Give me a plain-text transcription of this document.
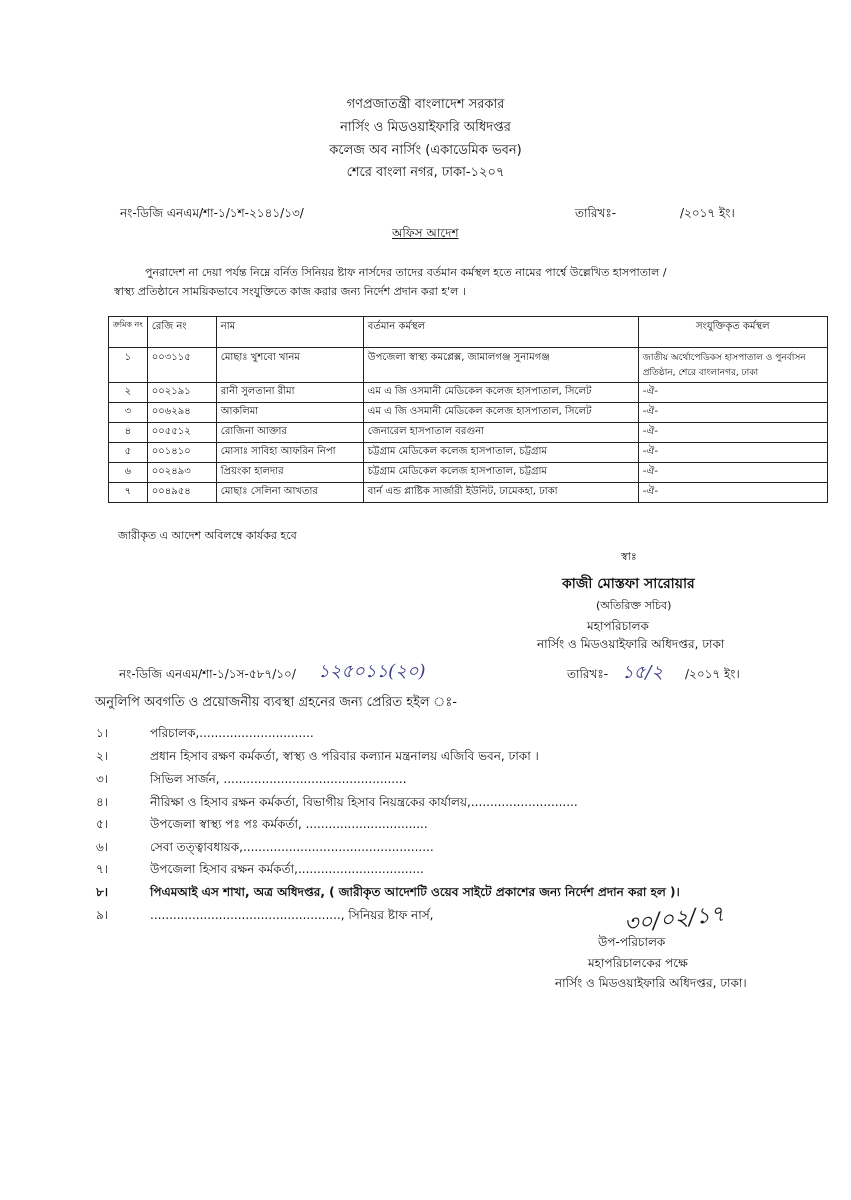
গণপ্রজাতন্ত্রী বাংলাদেশ সরকার
নার্সিং ও মিডওয়াইফারি অধিদপ্তর
কলেজ অব নার্সিং (একাডেমিক ভবন)
শেরে বাংলা নগর, ঢাকা-১২০৭
নং-ডিজি এনএম/শা-১/১শ-২১৪১/১৩/	তারিখঃ-	/২০১৭ ইং।
অফিস আদেশ
পুনরাদেশ না দেয়া পর্যন্ত নিম্নে বর্নিত সিনিয়র ষ্টাফ নার্সদের তাদের বর্তমান কর্মস্থল হতে নামের পার্শ্বে উল্লেখিত হাসপাতাল /
স্বাস্থ্য প্রতিষ্ঠানে সাময়িকভাবে সংযুক্তিতে কাজ করার জন্য নির্দেশ প্রদান করা হ'ল ।
ক্রমিক নং	রেজি নং	নাম	বর্তমান কর্মস্থল	সংযুক্তিকৃত কর্মস্থল
১	০০৩১১৫	মোছাঃ খুশবো খানম	উপজেলা স্বাস্থ্য কমপ্লেক্স, জামালগঞ্জ সুনামগঞ্জ	জাতীয় অর্থোপেডিকস হাসপাতাল ও পুনর্বাসন প্রতিষ্ঠান, শেরে বাংলানগর, ঢাকা
২	০০২১৯১	রানী সুলতানা রীমা	এম এ জি ওসমানী মেডিকেল কলেজ হাসপাতাল, সিলেট	-ঐ-
৩	০০৬২৯৪	আকলিমা	এম এ জি ওসমানী মেডিকেল কলেজ হাসপাতাল, সিলেট	-ঐ-
৪	০০৫৫১২	রোজিনা আক্তার	জেনারেল হাসপাতাল বরগুনা	-ঐ-
৫	০০১৪১০	মোসাঃ সাবিহা আফরিন নিপা	চট্টগ্রাম মেডিকেল কলেজ হাসপাতাল, চট্টগ্রাম	-ঐ-
৬	০০২৪৯৩	প্রিয়ংকা হালদার	চট্টগ্রাম মেডিকেল কলেজ হাসপাতাল, চট্টগ্রাম	-ঐ-
৭	০০৪৯৫৪	মোছাঃ সেলিনা আখতার	বার্ন এন্ড প্লাষ্টিক সার্জারী ইউনিট, ঢামেকহা, ঢাকা	-ঐ-
জারীকৃত এ আদেশ অবিলম্বে কার্যকর হবে
স্বাঃ
কাজী মোস্তফা সারোয়ার
(অতিরিক্ত সচিব)
মহাপরিচালক
নার্সিং ও মিডওয়াইফারি অধিদপ্তর, ঢাকা
নং-ডিজি এনএম/শা-১/১স-৫৮৭/১০/ ১২৫০১১(২০)	তারিখঃ- ১৫/২ /২০১৭ ইং।
অনুলিপি অবগতি ও প্রয়োজনীয় ব্যবস্থা গ্রহনের জন্য প্রেরিত হইল ঃ-
১।	পরিচালক,..............................
২।	প্রধান হিসাব রক্ষণ কর্মকর্তা, স্বাস্থ্য ও পরিবার কল্যান মন্ত্রনালয় এজিবি ভবন, ঢাকা ।
৩।	সিভিল সার্জন, ................................................
৪।	নীরিক্ষা ও হিসাব রক্ষন কর্মকর্তা, বিভাগীয় হিসাব নিয়ন্ত্রকের কার্যালয়,............................
৫।	উপজেলা স্বাস্থ্য পঃ পঃ কর্মকর্তা, ................................
৬।	সেবা তত্ত্বাবধায়ক,..................................................
৭।	উপজেলা হিসাব রক্ষন কর্মকর্তা,.................................
৮।	পিএমআই এস শাখা, অত্র অধিদপ্তর, ( জারীকৃত আদেশটি ওয়েব সাইটে প্রকাশের জন্য নির্দেশ প্রদান করা হল )।
৯।	.................................................., সিনিয়র ষ্টাফ নার্স,	৩০/০২/১৭
উপ-পরিচালক
মহাপরিচালকের পক্ষে
নার্সিং ও মিডওয়াইফারি অধিদপ্তর, ঢাকা।
